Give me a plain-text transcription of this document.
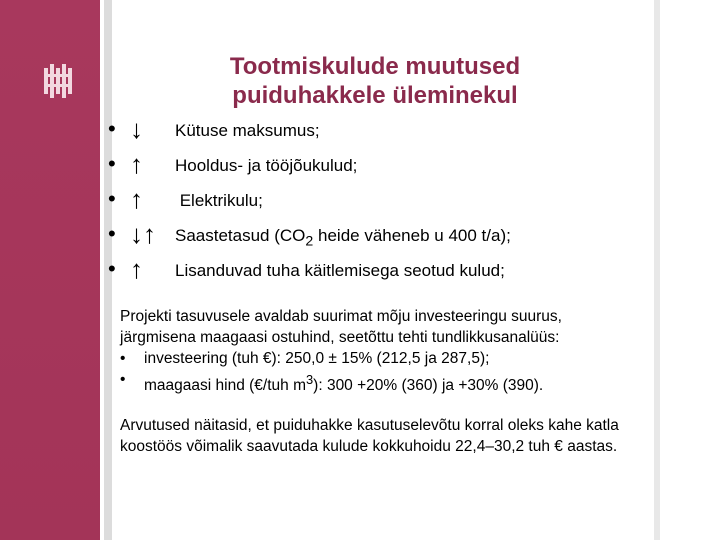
Tootmiskulude muutused
puiduhakkele üleminekul
• ↓ Kütuse maksumus;
• ↑ Hooldus- ja tööjõukulud;
• ↑ Elektrikulu;
• ↓↑ Saastetasud ($CO_2$ heide väheneb u 400 t/a);
• ↑ Lisanduvad tuha käitlemisega seotud kulud;
Projekti tasuvusele avaldab suurimat mõju investeeringu suurus, järgmisena maagaasi ostuhind, seetõttu tehti tundlikkusanalüüs:
• investeering (tuh €): 250,0 ± 15% (212,5 ja 287,5);
• maagaasi hind (€/tuh $m^3$): 300 +20% (360) ja +30% (390).
Arvutused näitasid, et puiduhakke kasutuselevõtu korral oleks kahe katla koostöös võimalik saavutada kulude kokkuhoidu 22,4–30,2 tuh € aastas.
